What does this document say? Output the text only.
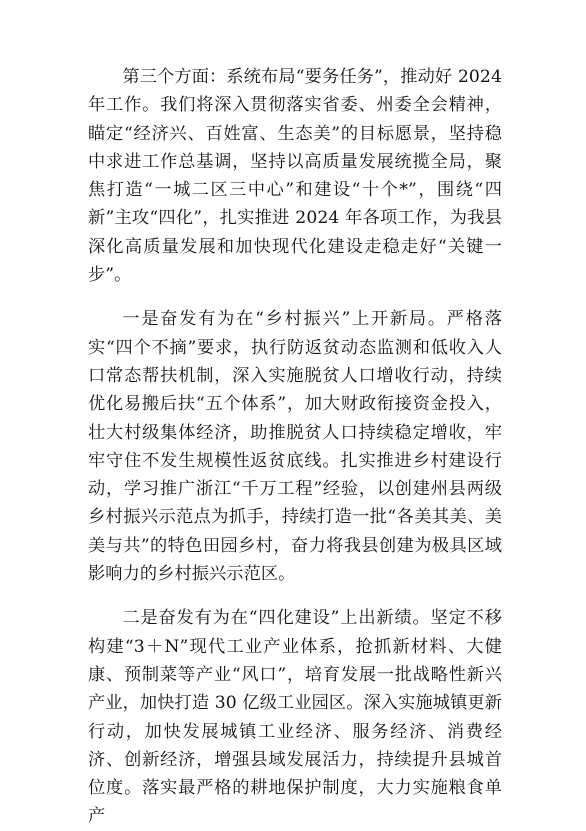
第三个方面：系统布局“要务任务”，推动好 2024 年工作。我们将深入贯彻落实省委、州委全会精神，瞄定“经济兴、百姓富、生态美”的目标愿景，坚持稳中求进工作总基调，坚持以高质量发展统揽全局，聚焦打造“一城二区三中心”和建设“十个*”，围绕“四新”主攻“四化”，扎实推进 2024 年各项工作，为我县深化高质量发展和加快现代化建设走稳走好“关键一步”。

一是奋发有为在“乡村振兴”上开新局。严格落实“四个不摘”要求，执行防返贫动态监测和低收入人口常态帮扶机制，深入实施脱贫人口增收行动，持续优化易搬后扶“五个体系”，加大财政衔接资金投入，壮大村级集体经济，助推脱贫人口持续稳定增收，牢牢守住不发生规模性返贫底线。扎实推进乡村建设行动，学习推广浙江“千万工程”经验，以创建州县两级乡村振兴示范点为抓手，持续打造一批“各美其美、美美与共”的特色田园乡村，奋力将我县创建为极具区域影响力的乡村振兴示范区。

二是奋发有为在“四化建设”上出新绩。坚定不移构建“3＋N”现代工业产业体系，抢抓新材料、大健康、预制菜等产业“风口”，培育发展一批战略性新兴产业，加快打造 30 亿级工业园区。深入实施城镇更新行动，加快发展城镇工业经济、服务经济、消费经济、创新经济，增强县域发展活力，持续提升县城首位度。落实最严格的耕地保护制度，大力实施粮食单产
